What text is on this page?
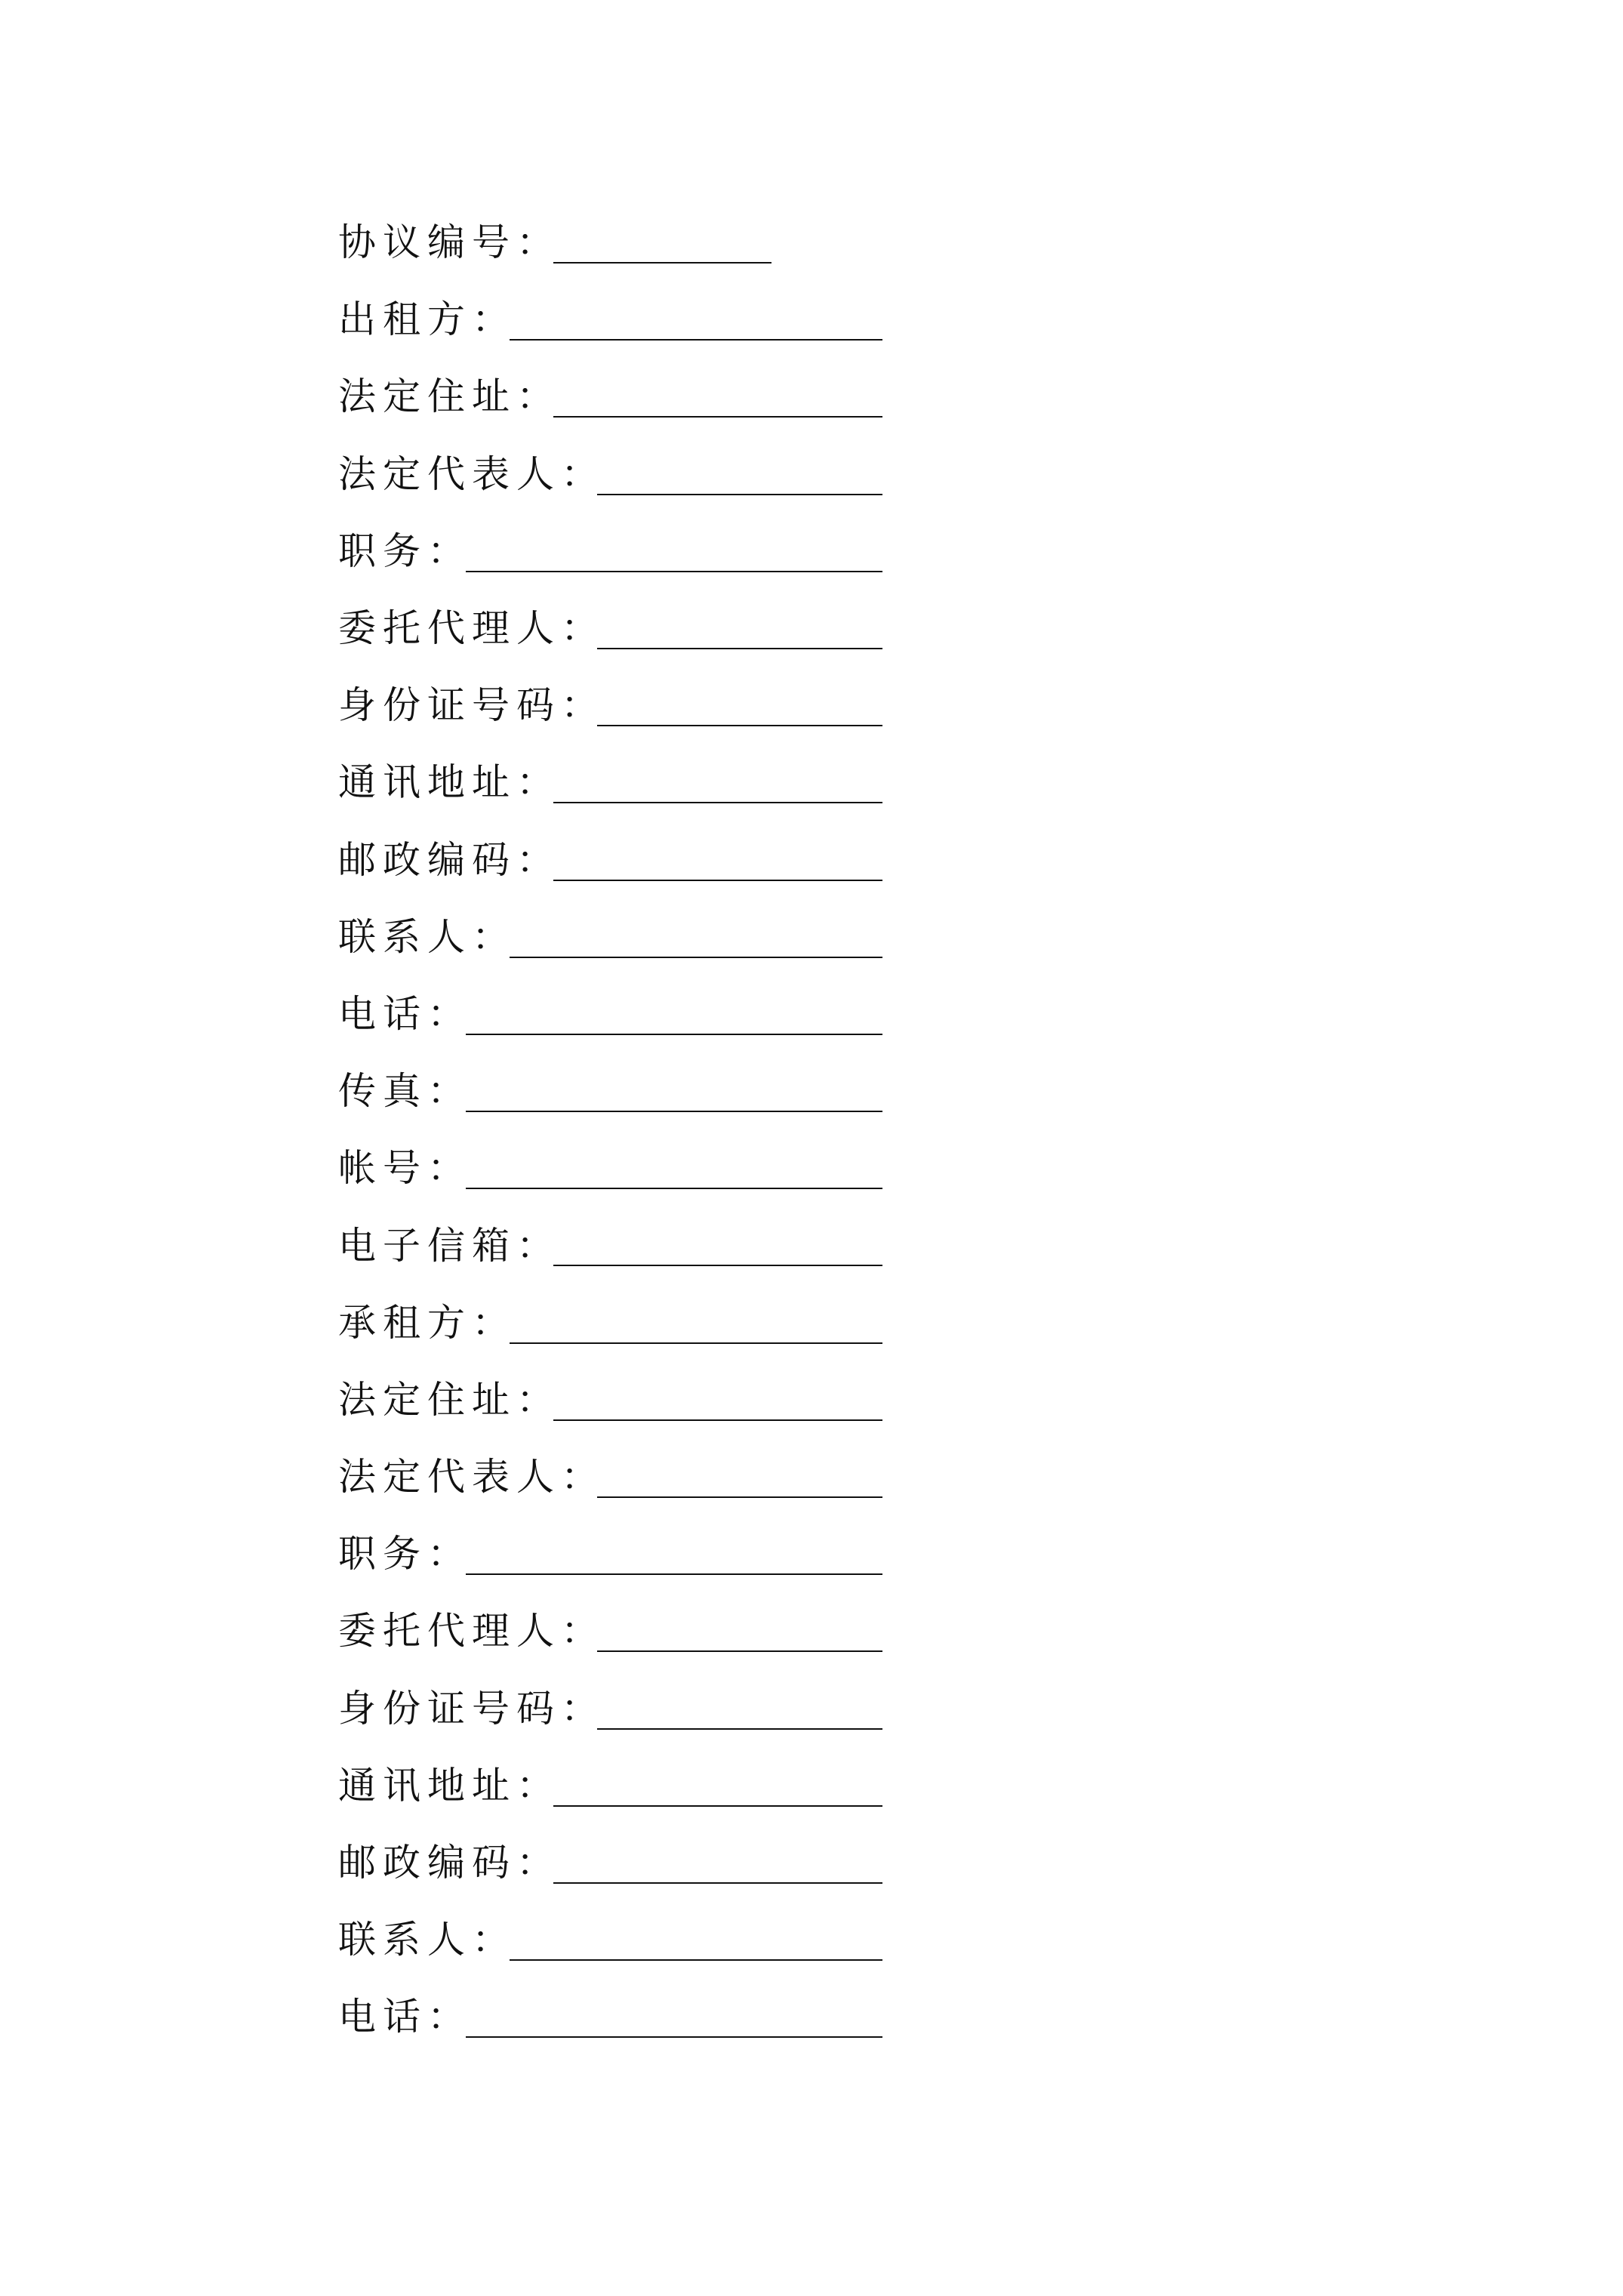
协议编号：
出租方：
法定住址：
法定代表人：
职务：
委托代理人：
身份证号码：
通讯地址：
邮政编码：
联系人：
电话：
传真：
帐号：
电子信箱：
承租方：
法定住址：
法定代表人：
职务：
委托代理人：
身份证号码：
通讯地址：
邮政编码：
联系人：
电话：
